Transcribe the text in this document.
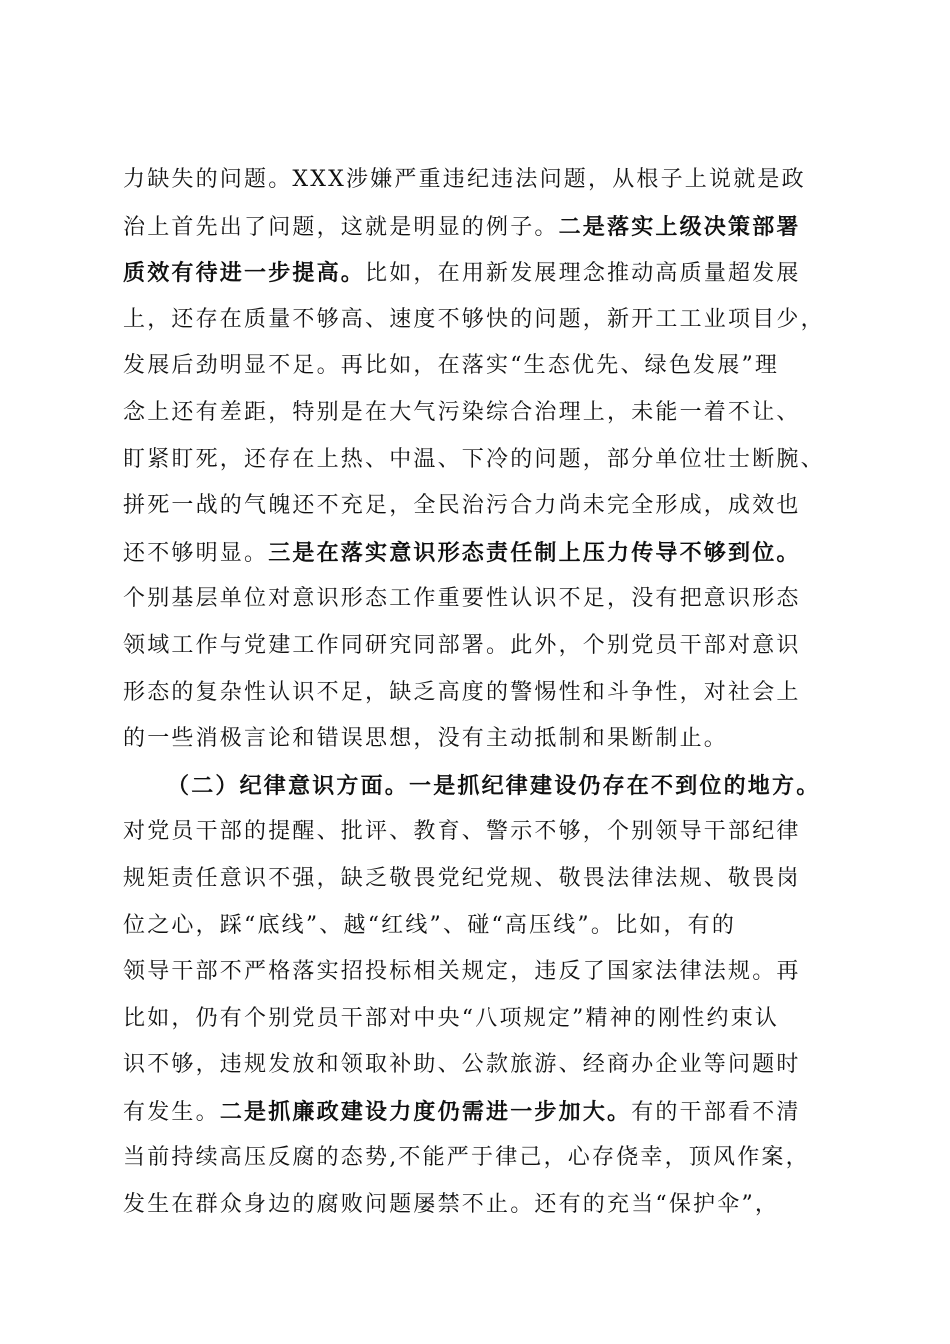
力缺失的问题。XXX涉嫌严重违纪违法问题，从根子上说就是政
治上首先出了问题，这就是明显的例子。二是落实上级决策部署
质效有待进一步提高。比如，在用新发展理念推动高质量超发展
上，还存在质量不够高、速度不够快的问题，新开工工业项目少，
发展后劲明显不足。再比如，在落实“生态优先、绿色发展”理
念上还有差距，特别是在大气污染综合治理上，未能一着不让、
盯紧盯死，还存在上热、中温、下冷的问题，部分单位壮士断腕、
拼死一战的气魄还不充足，全民治污合力尚未完全形成，成效也
还不够明显。三是在落实意识形态责任制上压力传导不够到位。
个别基层单位对意识形态工作重要性认识不足，没有把意识形态
领域工作与党建工作同研究同部署。此外，个别党员干部对意识
形态的复杂性认识不足，缺乏高度的警惕性和斗争性，对社会上
的一些消极言论和错误思想，没有主动抵制和果断制止。
（二）纪律意识方面。一是抓纪律建设仍存在不到位的地方。
对党员干部的提醒、批评、教育、警示不够，个别领导干部纪律
规矩责任意识不强，缺乏敬畏党纪党规、敬畏法律法规、敬畏岗
位之心，踩“底线”、越“红线”、碰“高压线”。比如，有的
领导干部不严格落实招投标相关规定，违反了国家法律法规。再
比如，仍有个别党员干部对中央“八项规定”精神的刚性约束认
识不够，违规发放和领取补助、公款旅游、经商办企业等问题时
有发生。二是抓廉政建设力度仍需进一步加大。有的干部看不清
当前持续高压反腐的态势,不能严于律己，心存侥幸，顶风作案，
发生在群众身边的腐败问题屡禁不止。还有的充当“保护伞”，
